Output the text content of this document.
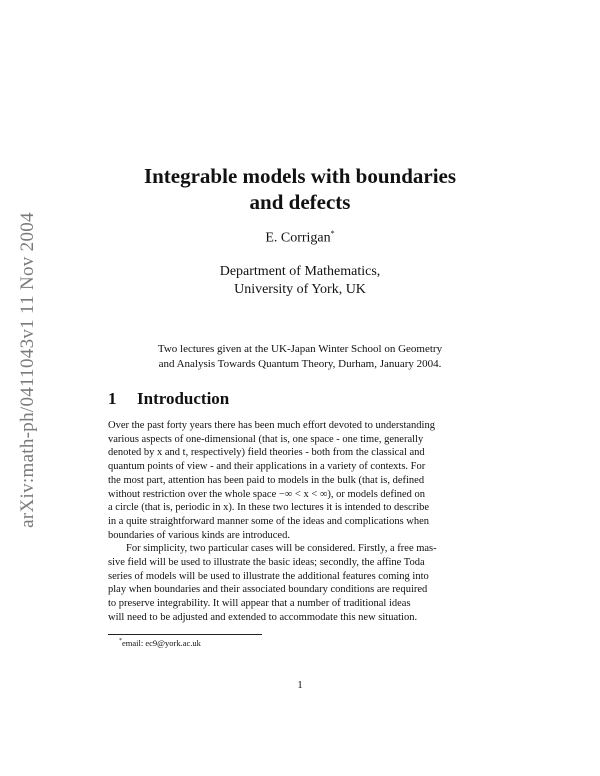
arXiv:math-ph/0411043v1 11 Nov 2004
Integrable models with boundaries
and defects

E. Corrigan*

Department of Mathematics,
University of York, UK
Two lectures given at the UK-Japan Winter School on Geometry
and Analysis Towards Quantum Theory, Durham, January 2004.
1 Introduction
Over the past forty years there has been much effort devoted to understanding
various aspects of one-dimensional (that is, one space - one time, generally
denoted by x and t, respectively) field theories - both from the classical and
quantum points of view - and their applications in a variety of contexts. For
the most part, attention has been paid to models in the bulk (that is, defined
without restriction over the whole space −∞ < x < ∞), or models defined on
a circle (that is, periodic in x). In these two lectures it is intended to describe
in a quite straightforward manner some of the ideas and complications when
boundaries of various kinds are introduced.
For simplicity, two particular cases will be considered. Firstly, a free mas-
sive field will be used to illustrate the basic ideas; secondly, the affine Toda
series of models will be used to illustrate the additional features coming into
play when boundaries and their associated boundary conditions are required
to preserve integrability. It will appear that a number of traditional ideas
will need to be adjusted and extended to accommodate this new situation.
*email: ec9@york.ac.uk
1
